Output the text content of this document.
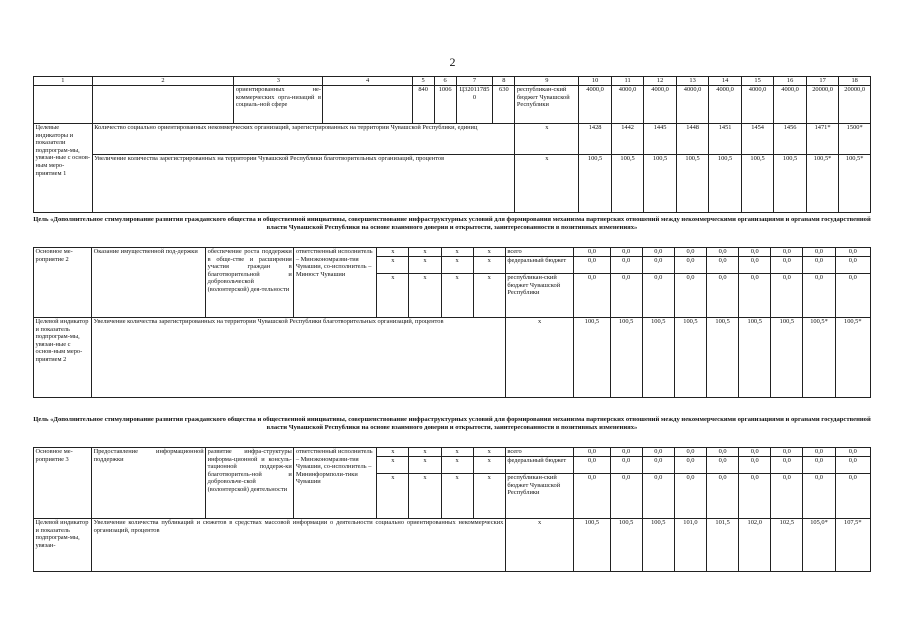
2
1	2	3	4	5	6	7	8	9	10	11	12	13	14	15	16	17	18
		ориентированных не-коммерческих орга-низаций в социаль-ной сфере		840	1006	Ц320117850	630	республикан-ский бюджет Чувашской Республики	4000,0	4000,0	4000,0	4000,0	4000,0	4000,0	4000,0	20000,0	20000,0
Целевые индикаторы и показатели подпрограм-мы, увязан-ные с основ-ным меро-приятием 1	Количество социально ориентированных некоммерческих организаций, зарегистрированных на территории Чувашской Республики, единиц							x	1428	1442	1445	1448	1451	1454	1456	1471*	1500*
	Увеличение количества зарегистрированных на территории Чувашской Республики благотворительных организаций, процентов							x	100,5	100,5	100,5	100,5	100,5	100,5	100,5	100,5*	100,5*
Цель «Дополнительное стимулирование развития гражданского общества и общественной инициативы, совершенствование инфраструктурных условий для формирования механизма партнерских отношений между некоммерческими организациями и органами государственной власти Чувашской Республики на основе взаимного доверия и открытости, заинтересованности в позитивных изменениях»
Основное ме-роприятие 2	Оказание имущественной под-держки	обеспечение роста поддержки в обще-стве и расширения участия граждан в благотворительной и добровольческой (волонтерской) дея-тельности	ответственный исполнитель – Минэкономразви-тия Чувашии, со-исполнитель – Минюст Чувашии	x	x	x	x	всего	0,0	0,0	0,0	0,0	0,0	0,0	0,0	0,0	0,0
				x	x	x	x	федеральный бюджет	0,0	0,0	0,0	0,0	0,0	0,0	0,0	0,0	0,0
				x	x	x	x	республикан-ский бюджет Чувашской Республики	0,0	0,0	0,0	0,0	0,0	0,0	0,0	0,0	0,0
Целевой индикатор и показатель подпрограм-мы, увязан-ные с основ-ным меро-приятием 2	Увеличение количества зарегистрированных на территории Чувашской Республики благотворительных организаций, процентов							x	100,5	100,5	100,5	100,5	100,5	100,5	100,5	100,5*	100,5*
Цель «Дополнительное стимулирование развития гражданского общества и общественной инициативы, совершенствование инфраструктурных условий для формирования механизма партнерских отношений между некоммерческими организациями и органами государственной власти Чувашской Республики на основе взаимного доверия и открытости, заинтересованности в позитивных изменениях»
Основное ме-роприятие 3	Предоставление информационной поддержки	развитие инфра-структуры информа-ционной и консуль-тационной поддерж-ки благотворитель-ной и добровольче-ской (волонтерской) деятельности	ответственный исполнитель – Минэкономразви-тия Чувашии, со-исполнитель – Мининформпoли-тики Чувашии	x	x	x	x	всего	0,0	0,0	0,0	0,0	0,0	0,0	0,0	0,0	0,0
				x	x	x	x	федеральный бюджет	0,0	0,0	0,0	0,0	0,0	0,0	0,0	0,0	0,0
				x	x	x	x	республикан-ский бюджет Чувашской Республики	0,0	0,0	0,0	0,0	0,0	0,0	0,0	0,0	0,0
Целевой индикатор и показатель подпрограм-мы, увязан-	Увеличение количества публикаций и сюжетов в средствах массовой информации о деятельности социально ориентированных некоммерческих организаций, процентов							x	100,5	100,5	100,5	101,0	101,5	102,0	102,5	105,0*	107,5*
